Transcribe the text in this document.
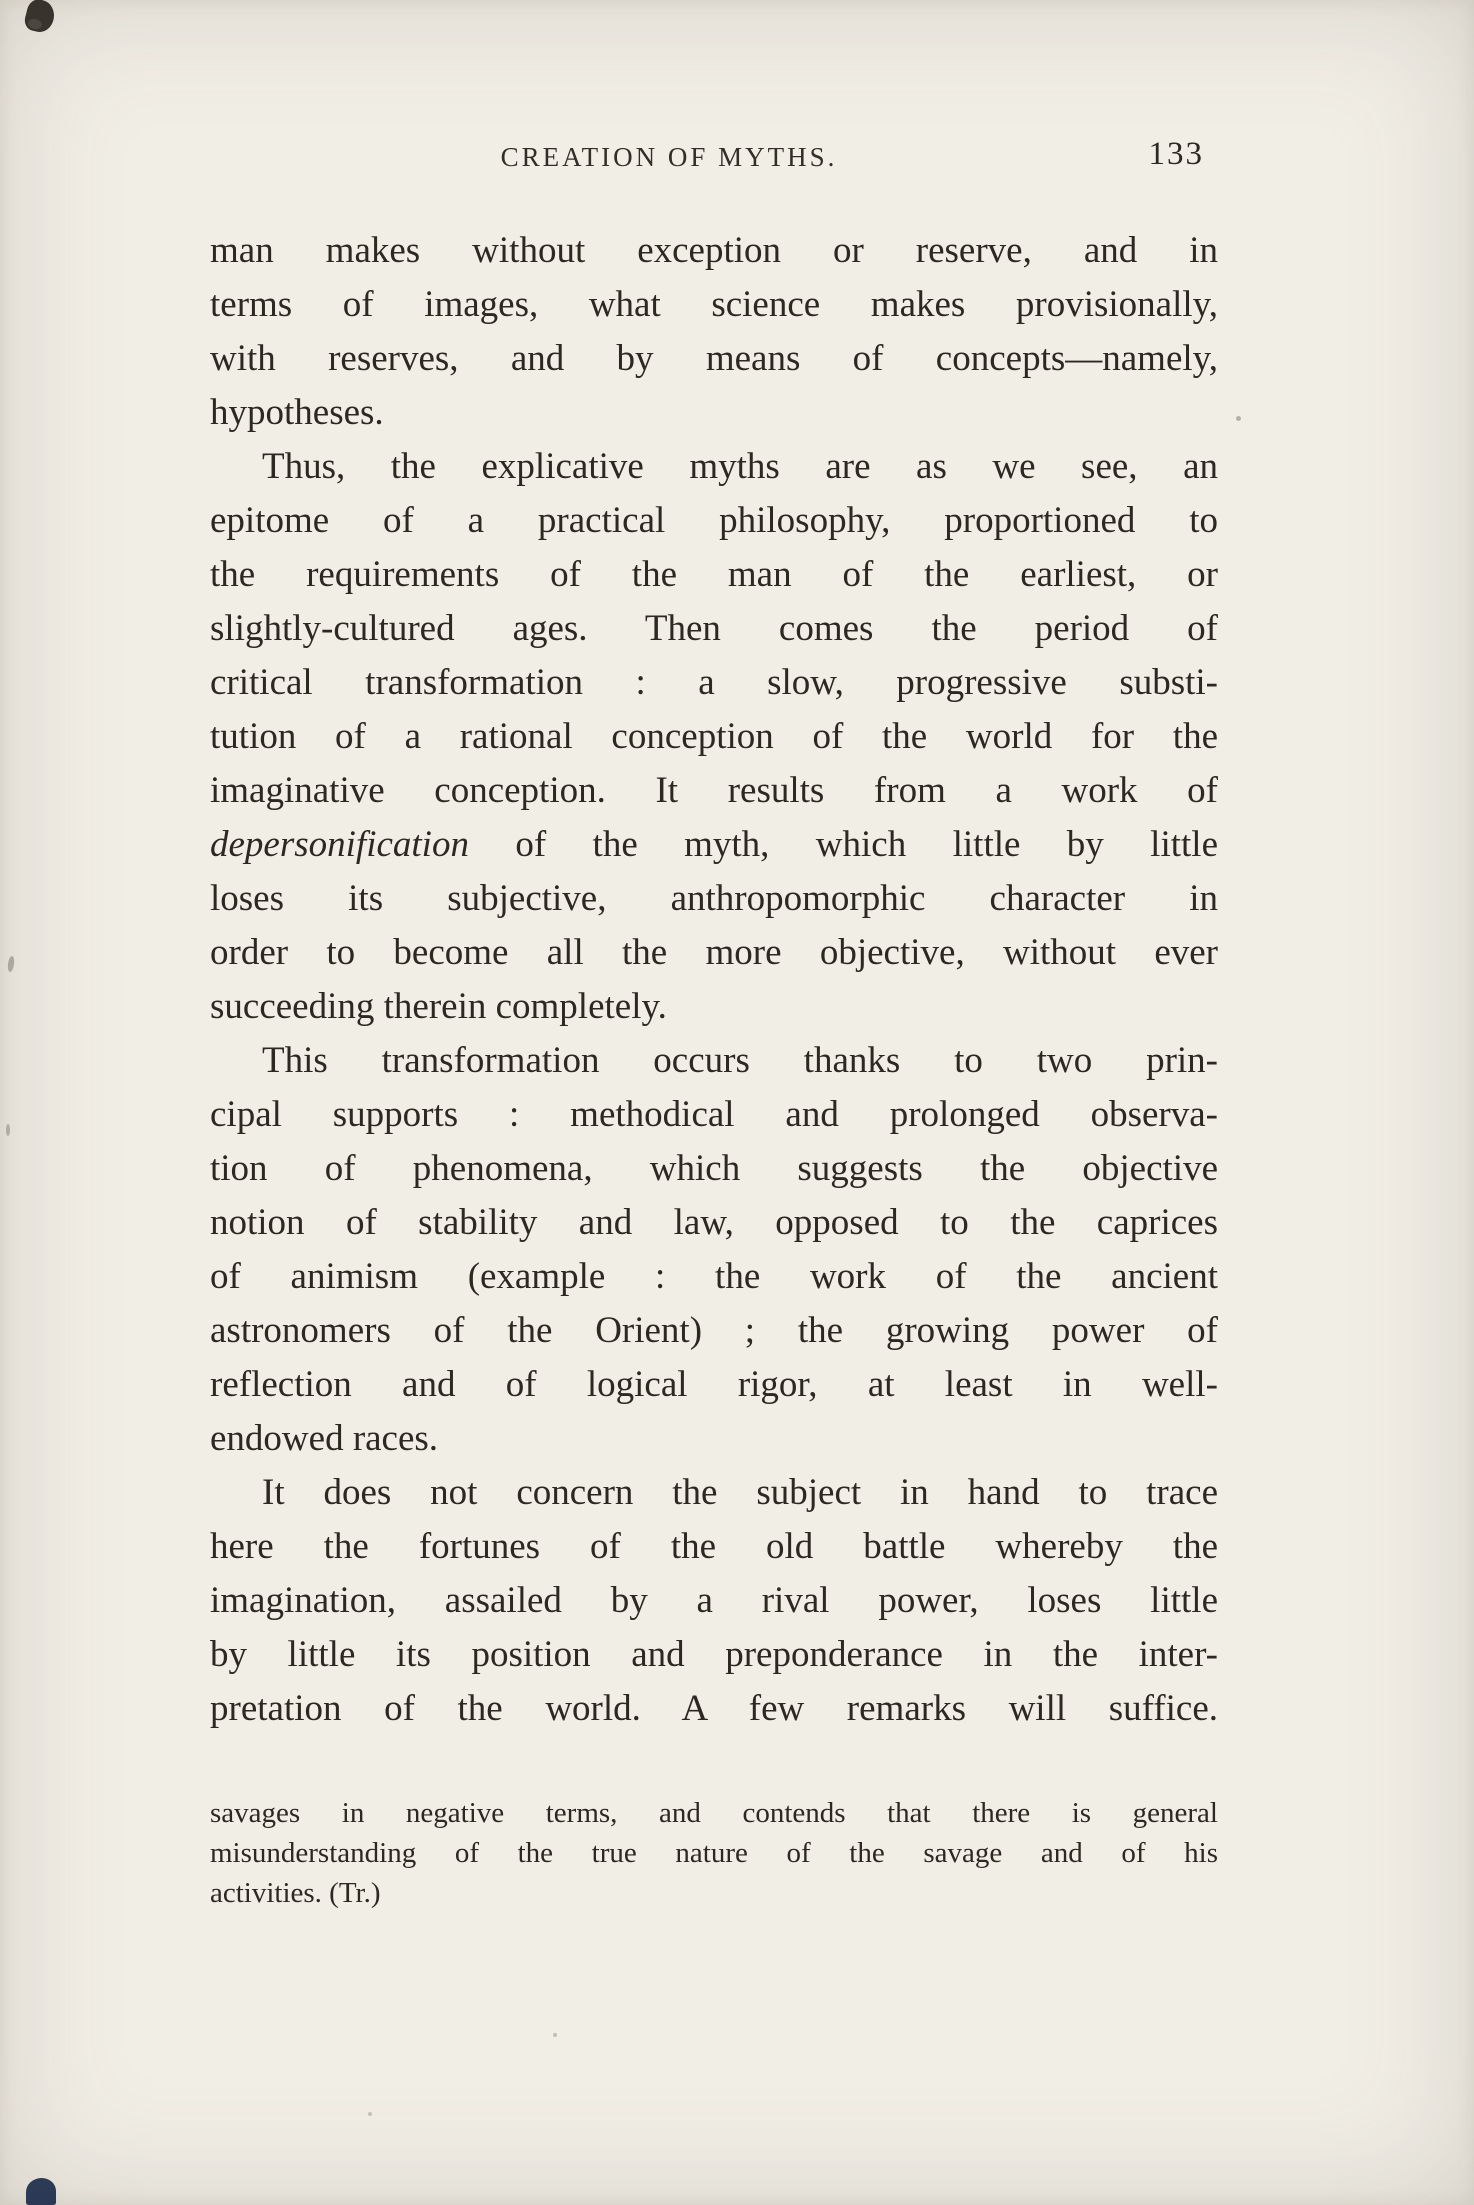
CREATION OF MYTHS.	133
man makes without exception or reserve, and in
terms of images, what science makes provisionally,
with reserves, and by means of concepts—namely,
hypotheses.
Thus, the explicative myths are as we see, an
epitome of a practical philosophy, proportioned to
the requirements of the man of the earliest, or
slightly-cultured ages. Then comes the period of
critical transformation : a slow, progressive substi-
tution of a rational conception of the world for the
imaginative conception. It results from a work of
depersonification of the myth, which little by little
loses its subjective, anthropomorphic character in
order to become all the more objective, without ever
succeeding therein completely.
This transformation occurs thanks to two prin-
cipal supports : methodical and prolonged observa-
tion of phenomena, which suggests the objective
notion of stability and law, opposed to the caprices
of animism (example : the work of the ancient
astronomers of the Orient) ; the growing power of
reflection and of logical rigor, at least in well-
endowed races.
It does not concern the subject in hand to trace
here the fortunes of the old battle whereby the
imagination, assailed by a rival power, loses little
by little its position and preponderance in the inter-
pretation of the world. A few remarks will suffice.
savages in negative terms, and contends that there is general
misunderstanding of the true nature of the savage and of his
activities. (Tr.)
